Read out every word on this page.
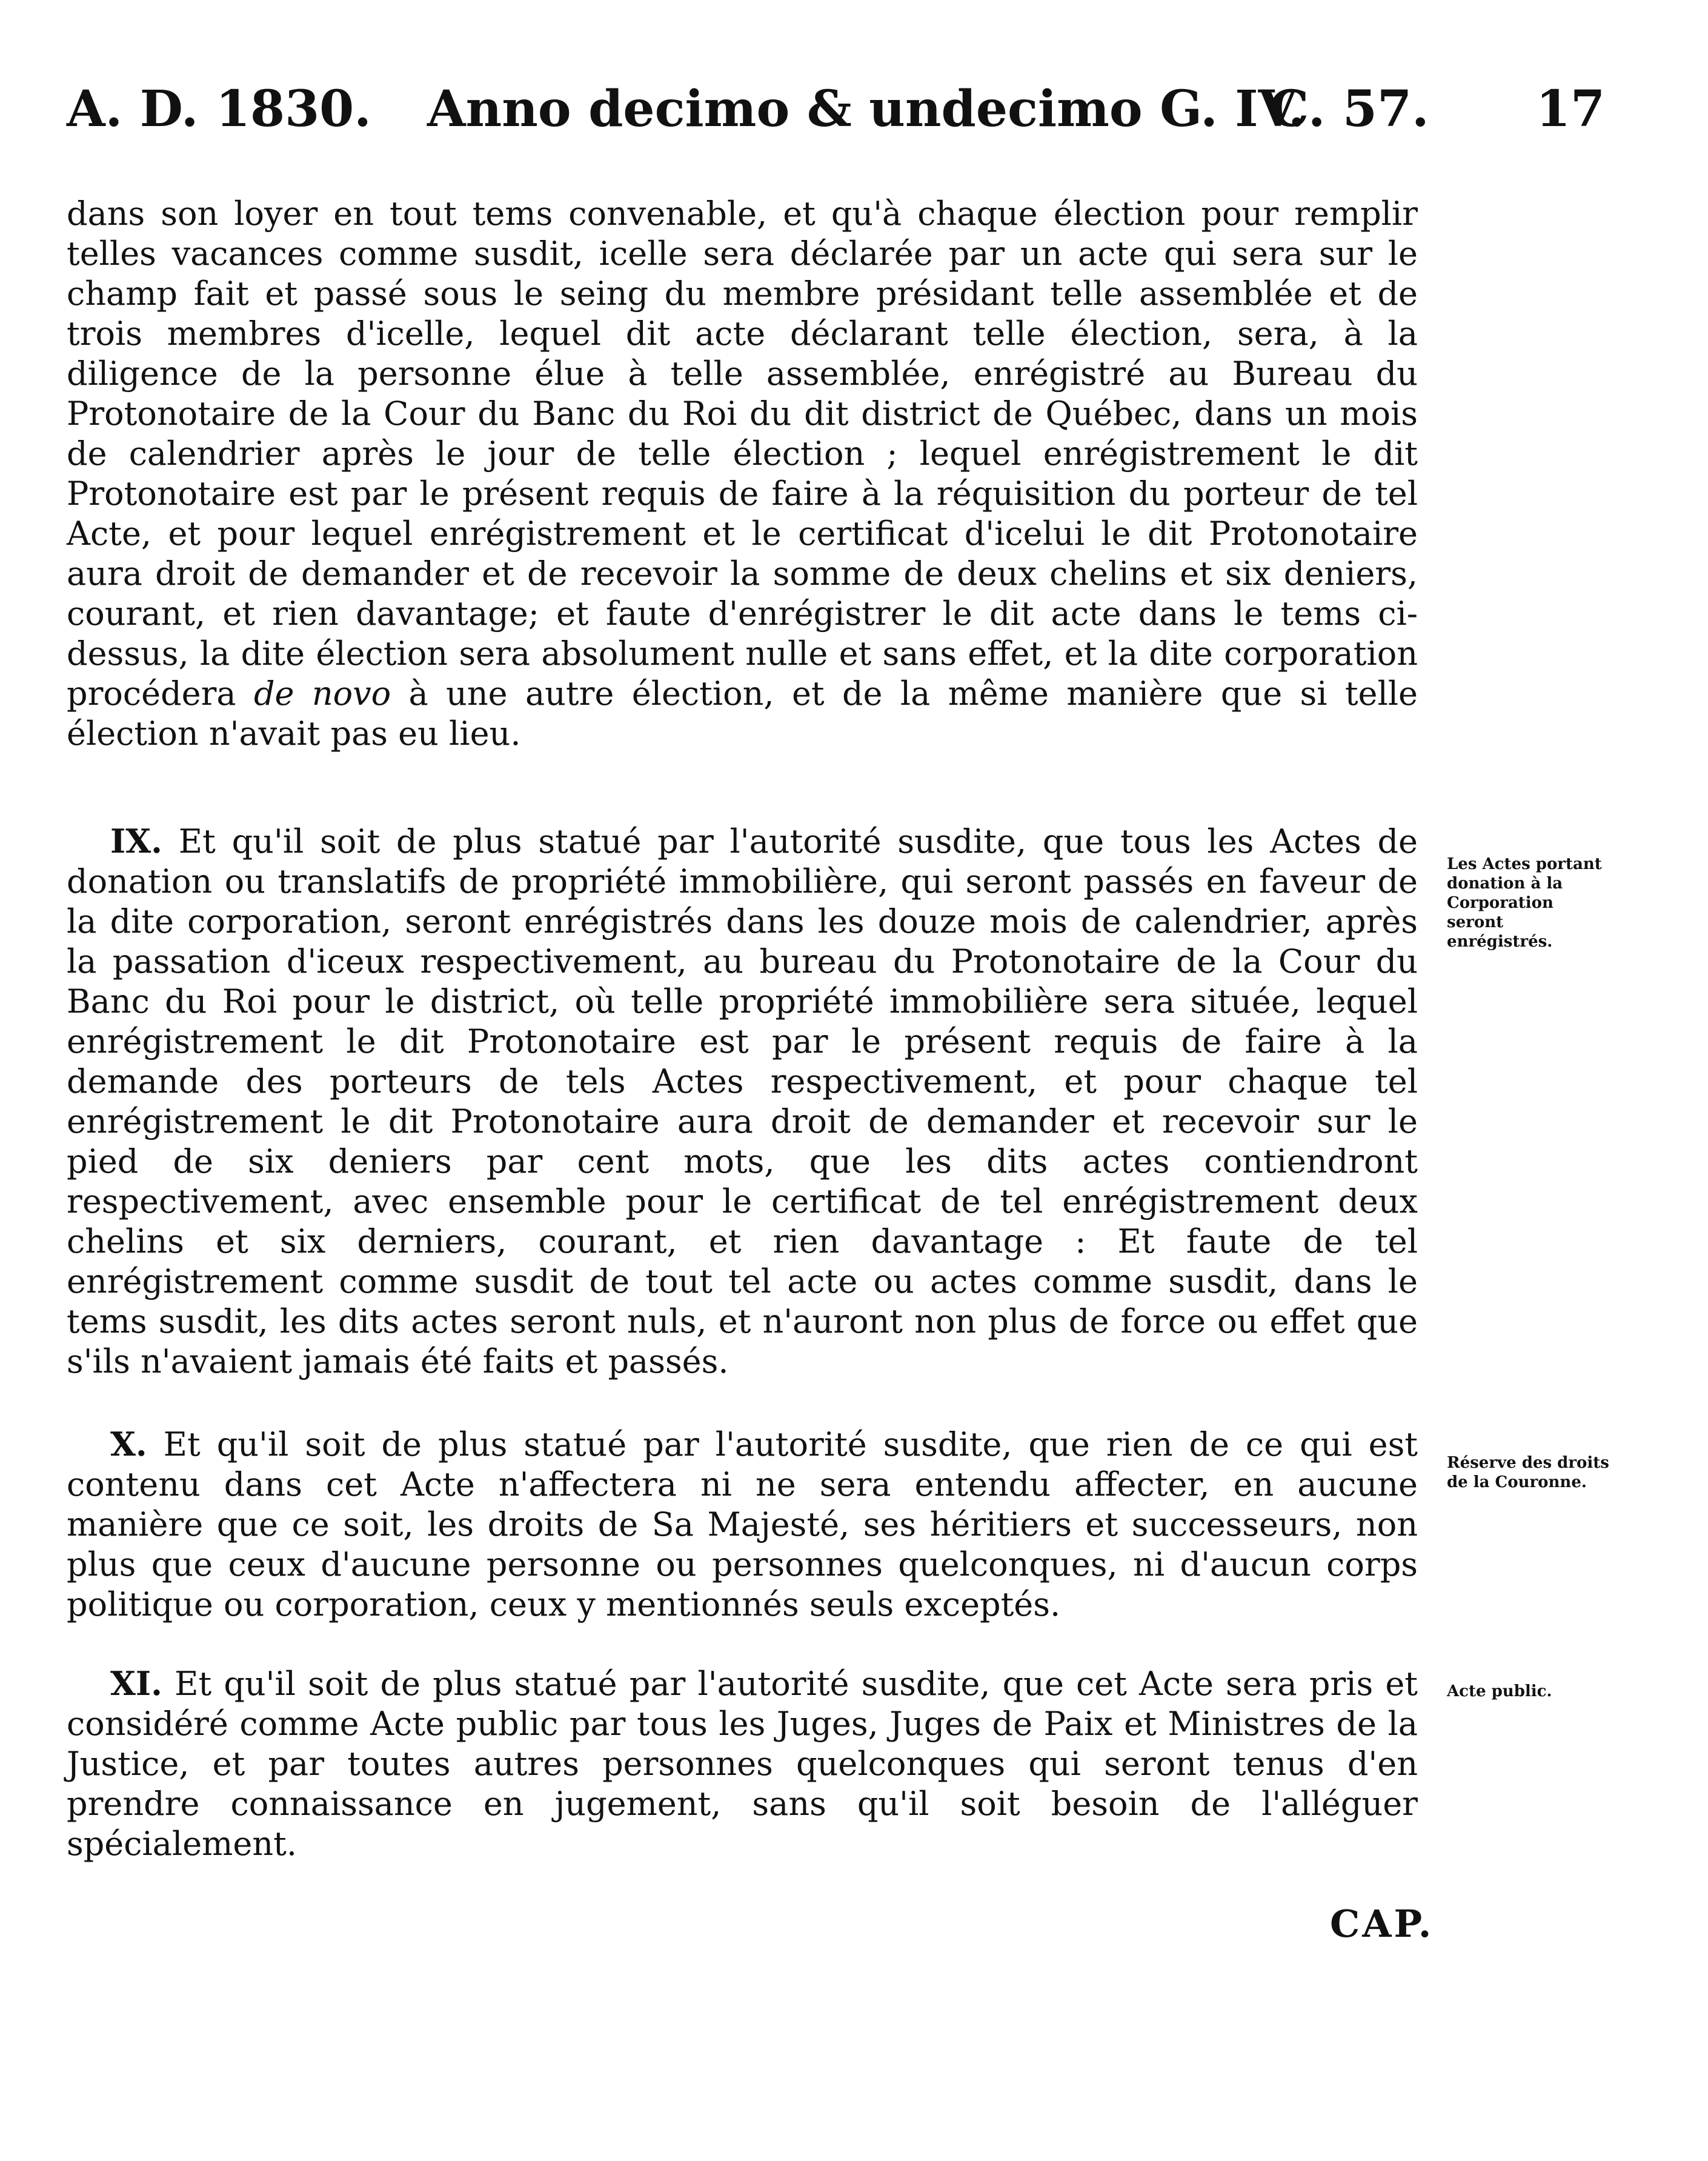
A. D. 1830. Anno decimo & undecimo G. IV.
C. 57. 17

dans son loyer en tout tems convenable, et qu'à chaque élection pour remplir telles vacances comme susdit, icelle sera déclarée par un acte qui sera sur le champ fait et passé sous le seing du membre présidant telle assemblée et de trois membres d'icelle, lequel dit acte déclarant telle élection, sera, à la diligence de la personne élue à telle assemblée, enrégistré au Bureau du Protonotaire de la Cour du Banc du Roi du dit district de Québec, dans un mois de calendrier après le jour de telle élection ; lequel enrégistrement le dit Protonotaire est par le présent requis de faire à la réquisition du porteur de tel Acte, et pour lequel enrégistrement et le certificat d'icelui le dit Protonotaire aura droit de demander et de recevoir la somme de deux chelins et six deniers, courant, et rien davantage; et faute d'enrégistrer le dit acte dans le tems ci-dessus, la dite élection sera absolument nulle et sans effet, et la dite corporation procédera de novo à une autre élection, et de la même manière que si telle élection n'avait pas eu lieu.

IX. Et qu'il soit de plus statué par l'autorité susdite, que tous les Actes de donation ou translatifs de propriété immobilière, qui seront passés en faveur de la dite corporation, seront enrégistrés dans les douze mois de calendrier, après la passation d'iceux respectivement, au bureau du Protonotaire de la Cour du Banc du Roi pour le district, où telle propriété immobilière sera située, lequel enrégistrement le dit Protonotaire est par le présent requis de faire à la demande des porteurs de tels Actes respectivement, et pour chaque tel enrégistrement le dit Protonotaire aura droit de demander et recevoir sur le pied de six deniers par cent mots, que les dits actes contiendront respectivement, avec ensemble pour le certificat de tel enrégistrement deux chelins et six derniers, courant, et rien davantage : Et faute de tel enrégistrement comme susdit de tout tel acte ou actes comme susdit, dans le tems susdit, les dits actes seront nuls, et n'auront non plus de force ou effet que s'ils n'avaient jamais été faits et passés.

X. Et qu'il soit de plus statué par l'autorité susdite, que rien de ce qui est contenu dans cet Acte n'affectera ni ne sera entendu affecter, en aucune manière que ce soit, les droits de Sa Majesté, ses héritiers et successeurs, non plus que ceux d'aucune personne ou personnes quelconques, ni d'aucun corps politique ou corporation, ceux y mentionnés seuls exceptés.

XI. Et qu'il soit de plus statué par l'autorité susdite, que cet Acte sera pris et considéré comme Acte public par tous les Juges, Juges de Paix et Ministres de la Justice, et par toutes autres personnes quelconques qui seront tenus d'en prendre connaissance en jugement, sans qu'il soit besoin de l'alléguer spécialement.

Les Actes portant donation à la Corporation seront enrégistrés.

Réserve des droits de la Couronne.

Acte public.

CAP.
